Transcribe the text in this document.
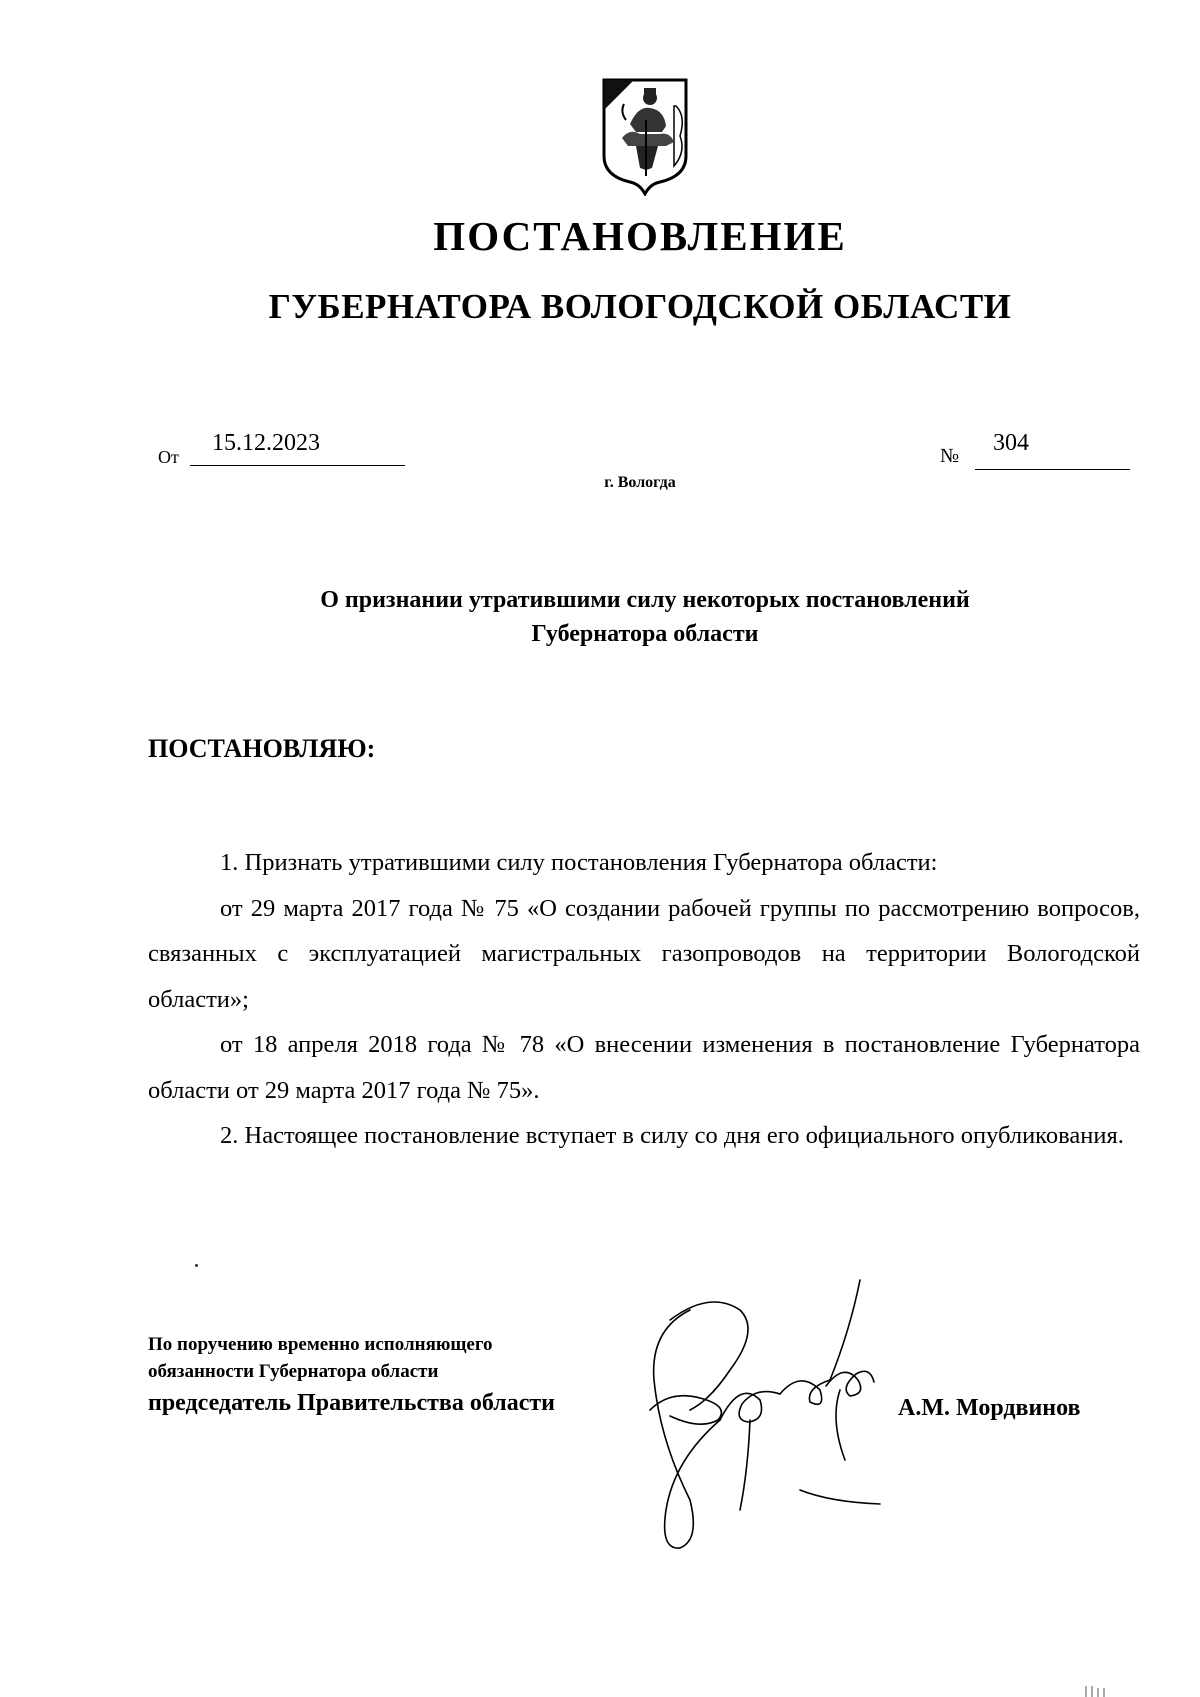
ПОСТАНОВЛЕНИЕ
ГУБЕРНАТОРА ВОЛОГОДСКОЙ ОБЛАСТИ
От
15.12.2023	№	304
г. Вологда
О признании утратившими силу некоторых постановлений
Губернатора области
ПОСТАНОВЛЯЮ:

1. Признать утратившими силу постановления Губернатора области:

от 29 марта 2017 года № 75 «О создании рабочей группы по рассмотрению вопросов, связанных с эксплуатацией магистральных газопроводов на территории Вологодской области»;

от 18 апреля 2018 года № 78 «О внесении изменения в постановление Губернатора области от 29 марта 2017 года № 75».

2. Настоящее постановление вступает в силу со дня его официального опубликования.

По поручению временно исполняющего
обязанности Губернатора области
председатель Правительства области	А.М. Мордвинов
